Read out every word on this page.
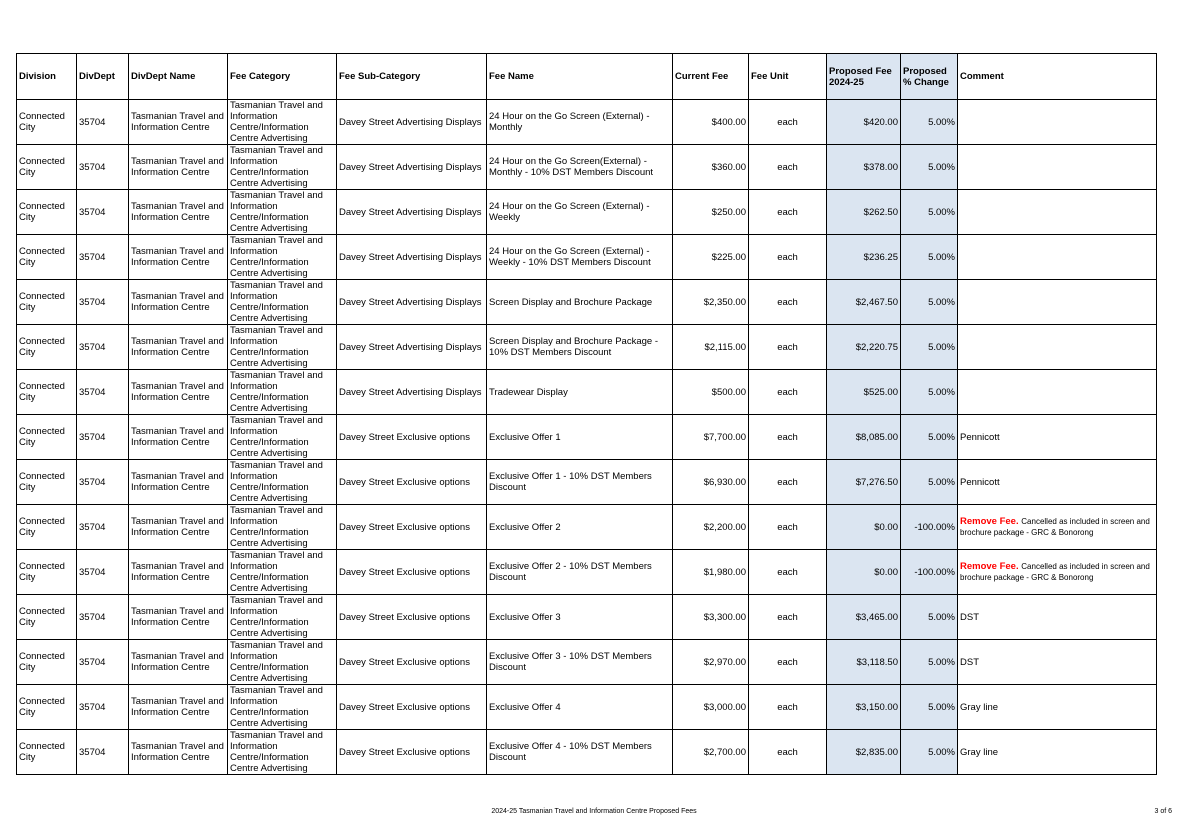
Division	DivDept	DivDept Name	Fee Category	Fee Sub-Category	Fee Name	Current Fee	Fee Unit	Proposed Fee 2024-25	Proposed % Change	Comment
Connected City	35704	Tasmanian Travel and Information Centre	Tasmanian Travel and Information Centre/Information Centre Advertising	Davey Street Advertising Displays	24 Hour on the Go Screen (External) - Monthly	$400.00	each	$420.00	5.00%	
Connected City	35704	Tasmanian Travel and Information Centre	Tasmanian Travel and Information Centre/Information Centre Advertising	Davey Street Advertising Displays	24 Hour on the Go Screen(External) - Monthly - 10% DST Members Discount	$360.00	each	$378.00	5.00%	
Connected City	35704	Tasmanian Travel and Information Centre	Tasmanian Travel and Information Centre/Information Centre Advertising	Davey Street Advertising Displays	24 Hour on the Go Screen (External) - Weekly	$250.00	each	$262.50	5.00%	
Connected City	35704	Tasmanian Travel and Information Centre	Tasmanian Travel and Information Centre/Information Centre Advertising	Davey Street Advertising Displays	24 Hour on the Go Screen (External) - Weekly - 10% DST Members Discount	$225.00	each	$236.25	5.00%	
Connected City	35704	Tasmanian Travel and Information Centre	Tasmanian Travel and Information Centre/Information Centre Advertising	Davey Street Advertising Displays	Screen Display and Brochure Package	$2,350.00	each	$2,467.50	5.00%	
Connected City	35704	Tasmanian Travel and Information Centre	Tasmanian Travel and Information Centre/Information Centre Advertising	Davey Street Advertising Displays	Screen Display and Brochure Package - 10% DST Members Discount	$2,115.00	each	$2,220.75	5.00%	
Connected City	35704	Tasmanian Travel and Information Centre	Tasmanian Travel and Information Centre/Information Centre Advertising	Davey Street Advertising Displays	Tradewear Display	$500.00	each	$525.00	5.00%	
Connected City	35704	Tasmanian Travel and Information Centre	Tasmanian Travel and Information Centre/Information Centre Advertising	Davey Street Exclusive options	Exclusive Offer 1	$7,700.00	each	$8,085.00	5.00%	Pennicott
Connected City	35704	Tasmanian Travel and Information Centre	Tasmanian Travel and Information Centre/Information Centre Advertising	Davey Street Exclusive options	Exclusive Offer 1 - 10% DST Members Discount	$6,930.00	each	$7,276.50	5.00%	Pennicott
Connected City	35704	Tasmanian Travel and Information Centre	Tasmanian Travel and Information Centre/Information Centre Advertising	Davey Street Exclusive options	Exclusive Offer 2	$2,200.00	each	$0.00	-100.00%	Remove Fee. Cancelled as included in screen and brochure package - GRC & Bonorong
Connected City	35704	Tasmanian Travel and Information Centre	Tasmanian Travel and Information Centre/Information Centre Advertising	Davey Street Exclusive options	Exclusive Offer 2 - 10% DST Members Discount	$1,980.00	each	$0.00	-100.00%	Remove Fee. Cancelled as included in screen and brochure package - GRC & Bonorong
Connected City	35704	Tasmanian Travel and Information Centre	Tasmanian Travel and Information Centre/Information Centre Advertising	Davey Street Exclusive options	Exclusive Offer 3	$3,300.00	each	$3,465.00	5.00%	DST
Connected City	35704	Tasmanian Travel and Information Centre	Tasmanian Travel and Information Centre/Information Centre Advertising	Davey Street Exclusive options	Exclusive Offer 3 - 10% DST Members Discount	$2,970.00	each	$3,118.50	5.00%	DST
Connected City	35704	Tasmanian Travel and Information Centre	Tasmanian Travel and Information Centre/Information Centre Advertising	Davey Street Exclusive options	Exclusive Offer 4	$3,000.00	each	$3,150.00	5.00%	Gray line
Connected City	35704	Tasmanian Travel and Information Centre	Tasmanian Travel and Information Centre/Information Centre Advertising	Davey Street Exclusive options	Exclusive Offer 4 - 10% DST Members Discount	$2,700.00	each	$2,835.00	5.00%	Gray line
2024-25 Tasmanian Travel and Information Centre Proposed Fees	3 of 6
